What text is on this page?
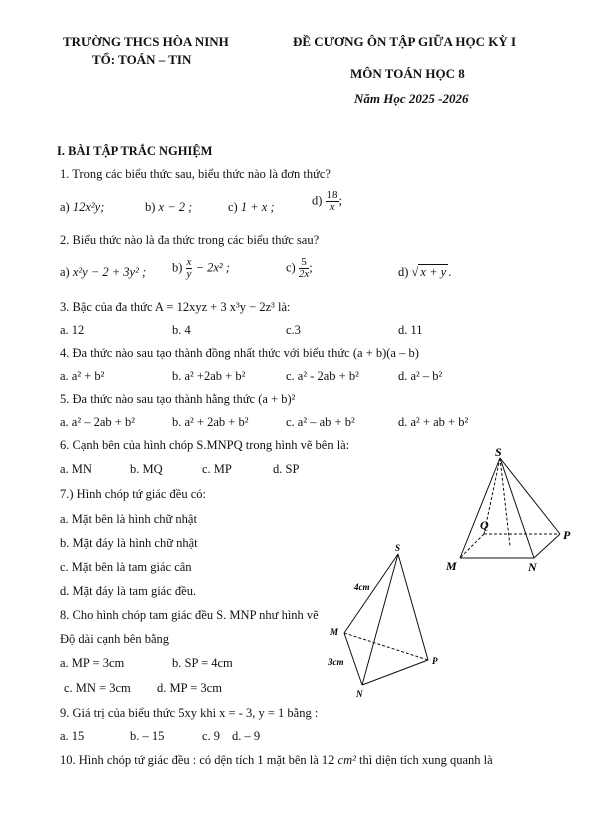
TRƯỜNG THCS HÒA NINH
TỔ: TOÁN – TIN
ĐỀ CƯƠNG ÔN TẬP GIỮA HỌC KỲ I
MÔN TOÁN HỌC 8
Năm Học 2025 -2026
I. BÀI TẬP TRẮC NGHIỆM
1. Trong các biểu thức sau, biểu thức nào là đơn thức?
a) 12x²y;	b) x − 2 ;	c) 1 + x ;	$d) \frac{18}{x}$ ;
2. Biểu thức nào là đa thức trong các biểu thức sau?
a) x²y − 2 + 3y² ; $b) \frac{x}{y} - 2x^2$ ;	$c) \frac{5}{2x}$ ;	d) √ x + y .
3. Bậc của đa thức A = 12xyz + 3 x³y − 2z³ là:
a. 12	b. 4	c.3	d. 11
4. Đa thức nào sau tạo thành đồng nhất thức với biểu thức (a + b)(a – b)
a. a² + b²	b. a² +2ab + b²	c. a² - 2ab + b²	d. a² – b²
5. Đa thức nào sau tạo thành hằng thức (a + b)²
a. a² – 2ab + b²	b. a² + 2ab + b²	c. a² – ab + b²	d. a² + ab + b²
6. Cạnh bên của hình chóp S.MNPQ trong hình vẽ bên là:
a. MN	b. MQ	c. MP	d. SP
7.) Hình chóp tứ giác đều có:
a. Mặt bên là hình chữ nhật
b. Mặt đáy là hình chữ nhật
c. Mặt bên là tam giác cân
d. Mặt đáy là tam giác đều.
8. Cho hình chóp tam giác đều S. MNP như hình vẽ
Độ dài cạnh bên bằng
a. MP = 3cm	b. SP = 4cm
c. MN = 3cm d. MP = 3cm
9. Giá trị của biểu thức 5xy khi x = - 3, y = 1 bằng :
a. 15	b. – 15	c. 9 d. – 9
10. Hình chóp tứ giác đều : có dện tích 1 mặt bên là 12 cm² thì diện tích xung quanh là
S
Q
P
M	N
S
M
P
N
4cm
3cm
